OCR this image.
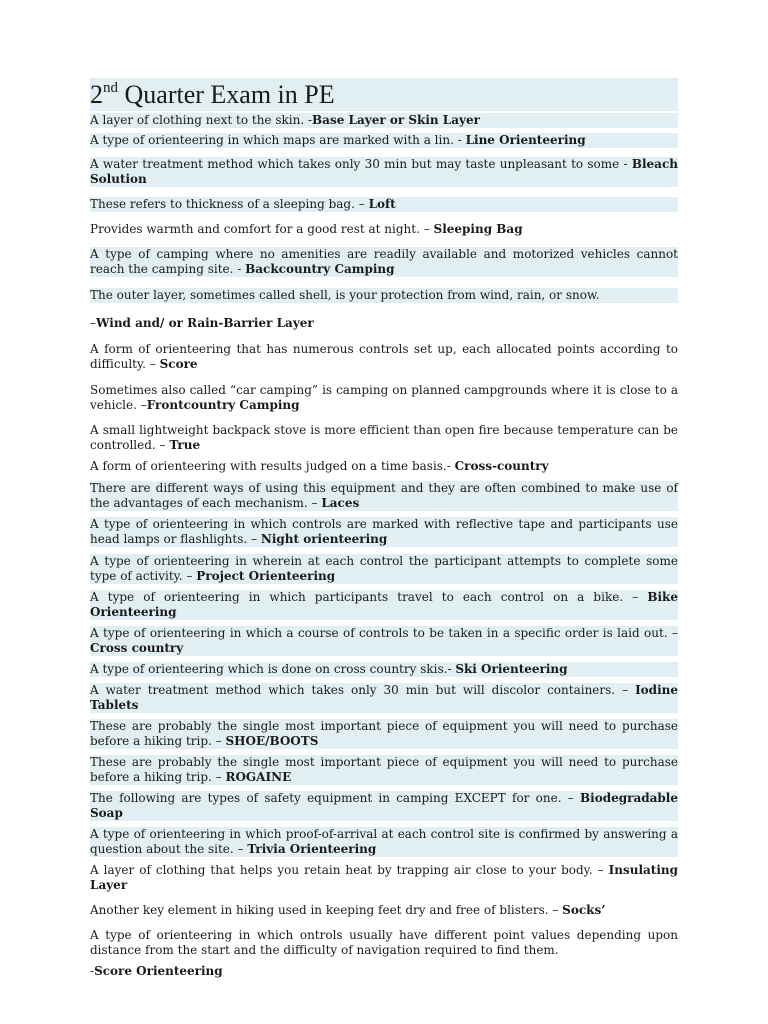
2nd Quarter Exam in PE

A layer of clothing next to the skin. -Base Layer or Skin Layer

A type of orienteering in which maps are marked with a lin. - Line Orienteering

A water treatment method which takes only 30 min but may taste unpleasant to some - Bleach Solution

These refers to thickness of a sleeping bag. – Loft

Provides warmth and comfort for a good rest at night. – Sleeping Bag

A type of camping where no amenities are readily available and motorized vehicles cannot reach the camping site. - Backcountry Camping

The outer layer, sometimes called shell, is your protection from wind, rain, or snow.

–Wind and/ or Rain-Barrier Layer

A form of orienteering that has numerous controls set up, each allocated points according to difficulty. – Score

Sometimes also called “car camping” is camping on planned campgrounds where it is close to a vehicle. –Frontcountry Camping

A small lightweight backpack stove is more efficient than open fire because temperature can be controlled. – True

A form of orienteering with results judged on a time basis.- Cross-country

There are different ways of using this equipment and they are often combined to make use of the advantages of each mechanism. – Laces

A type of orienteering in which controls are marked with reflective tape and participants use head lamps or flashlights. – Night orienteering

A type of orienteering in wherein at each control the participant attempts to complete some type of activity. – Project Orienteering

A type of orienteering in which participants travel to each control on a bike. – Bike Orienteering

A type of orienteering in which a course of controls to be taken in a specific order is laid out. – Cross country

A type of orienteering which is done on cross country skis.- Ski Orienteering

A water treatment method which takes only 30 min but will discolor containers. – Iodine Tablets

These are probably the single most important piece of equipment you will need to purchase before a hiking trip. – SHOE/BOOTS

These are probably the single most important piece of equipment you will need to purchase before a hiking trip. – ROGAINE

The following are types of safety equipment in camping EXCEPT for one. – Biodegradable Soap

A type of orienteering in which proof-of-arrival at each control site is confirmed by answering a question about the site. – Trivia Orienteering

A layer of clothing that helps you retain heat by trapping air close to your body. – Insulating Layer

Another key element in hiking used in keeping feet dry and free of blisters. – Socks’

A type of orienteering in which ontrols usually have different point values depending upon distance from the start and the difficulty of navigation required to find them.

-Score Orienteering
